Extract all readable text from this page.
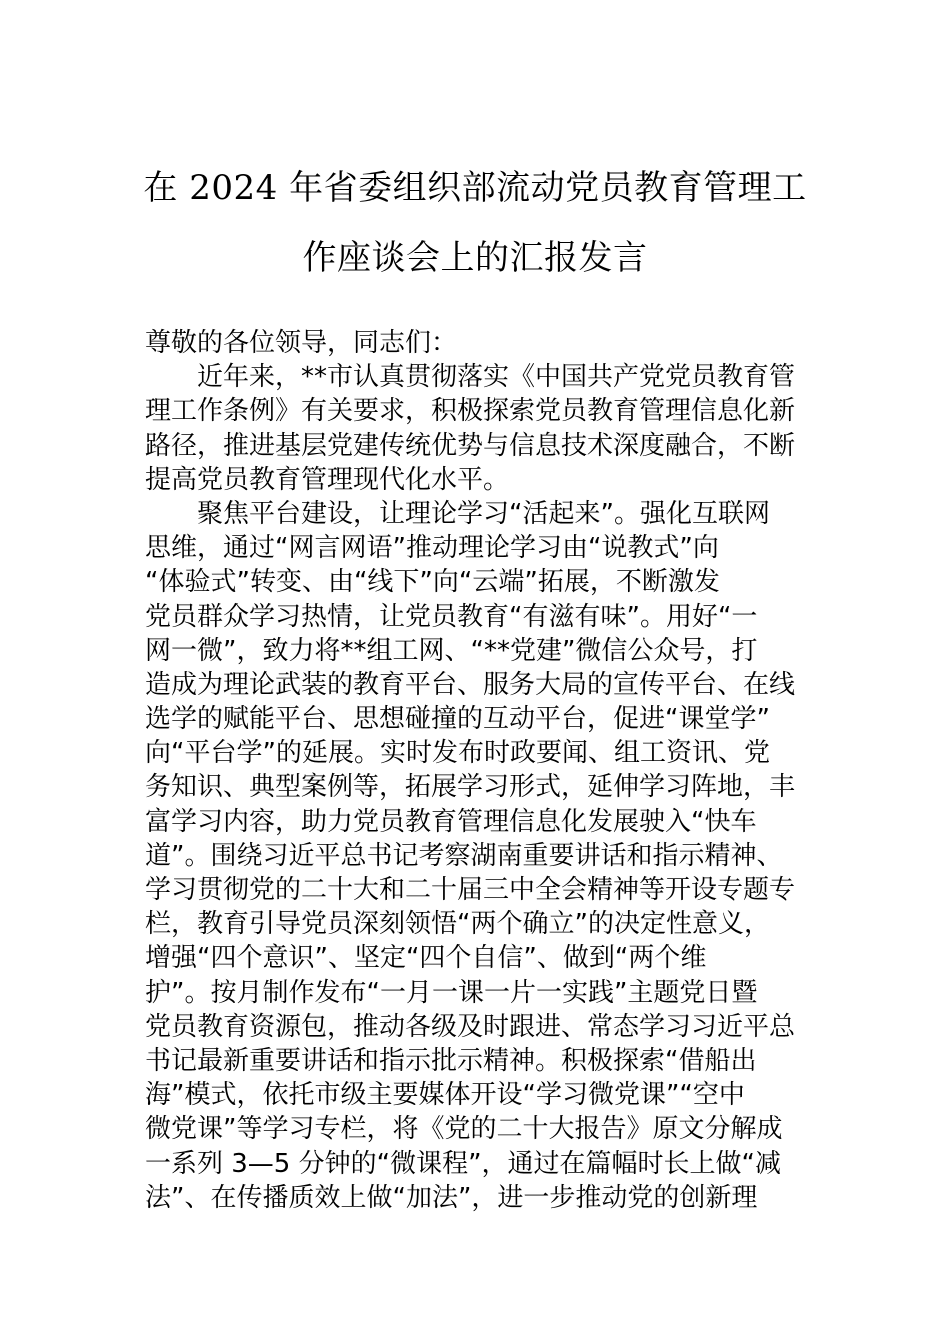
在 2024 年省委组织部流动党员教育管理工
作座谈会上的汇报发言
尊敬的各位领导，同志们：
　　近年来，**市认真贯彻落实《中国共产党党员教育管
理工作条例》有关要求，积极探索党员教育管理信息化新
路径，推进基层党建传统优势与信息技术深度融合，不断
提高党员教育管理现代化水平。
　　聚焦平台建设，让理论学习“活起来”。强化互联网
思维，通过“网言网语”推动理论学习由“说教式”向
“体验式”转变、由“线下”向“云端”拓展，不断激发
党员群众学习热情，让党员教育“有滋有味”。用好“一
网一微”，致力将**组工网、“**党建”微信公众号，打
造成为理论武装的教育平台、服务大局的宣传平台、在线
选学的赋能平台、思想碰撞的互动平台，促进“课堂学”
向“平台学”的延展。实时发布时政要闻、组工资讯、党
务知识、典型案例等，拓展学习形式，延伸学习阵地，丰
富学习内容，助力党员教育管理信息化发展驶入“快车
道”。围绕习近平总书记考察湖南重要讲话和指示精神、
学习贯彻党的二十大和二十届三中全会精神等开设专题专
栏，教育引导党员深刻领悟“两个确立”的决定性意义，
增强“四个意识”、坚定“四个自信”、做到“两个维
护”。按月制作发布“一月一课一片一实践”主题党日暨
党员教育资源包，推动各级及时跟进、常态学习习近平总
书记最新重要讲话和指示批示精神。积极探索“借船出
海”模式，依托市级主要媒体开设“学习微党课”“空中
微党课”等学习专栏，将《党的二十大报告》原文分解成
一系列 3—5 分钟的“微课程”，通过在篇幅时长上做“减
法”、在传播质效上做“加法”，进一步推动党的创新理
